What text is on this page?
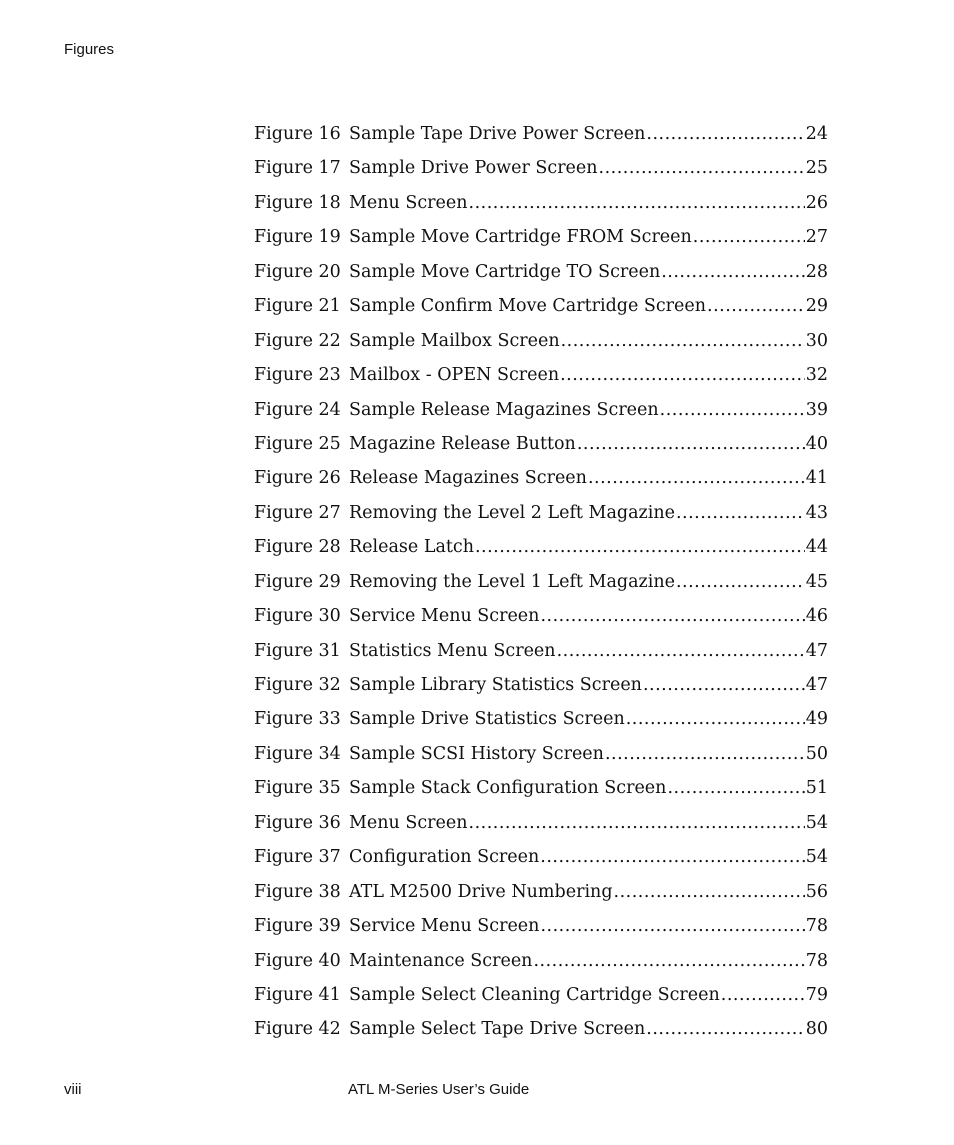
Figures
Figure 16 Sample Tape Drive Power Screen .....	24
Figure 17 Sample Drive Power Screen .....	25
Figure 18 Menu Screen .....	26
Figure 19 Sample Move Cartridge FROM Screen .....	27
Figure 20 Sample Move Cartridge TO Screen .....	28
Figure 21 Sample Confirm Move Cartridge Screen .....	29
Figure 22 Sample Mailbox Screen .....	30
Figure 23 Mailbox - OPEN Screen .....	32
Figure 24 Sample Release Magazines Screen .....	39
Figure 25 Magazine Release Button .....	40
Figure 26 Release Magazines Screen .....	41
Figure 27 Removing the Level 2 Left Magazine .....	43
Figure 28 Release Latch .....	44
Figure 29 Removing the Level 1 Left Magazine .....	45
Figure 30 Service Menu Screen .....	46
Figure 31 Statistics Menu Screen .....	47
Figure 32 Sample Library Statistics Screen .....	47
Figure 33 Sample Drive Statistics Screen .....	49
Figure 34 Sample SCSI History Screen .....	50
Figure 35 Sample Stack Configuration Screen .....	51
Figure 36 Menu Screen .....	54
Figure 37 Configuration Screen .....	54
Figure 38 ATL M2500 Drive Numbering .....	56
Figure 39 Service Menu Screen .....	78
Figure 40 Maintenance Screen .....	78
Figure 41 Sample Select Cleaning Cartridge Screen .....	79
Figure 42 Sample Select Tape Drive Screen .....	80
viii	ATL M-Series User’s Guide
